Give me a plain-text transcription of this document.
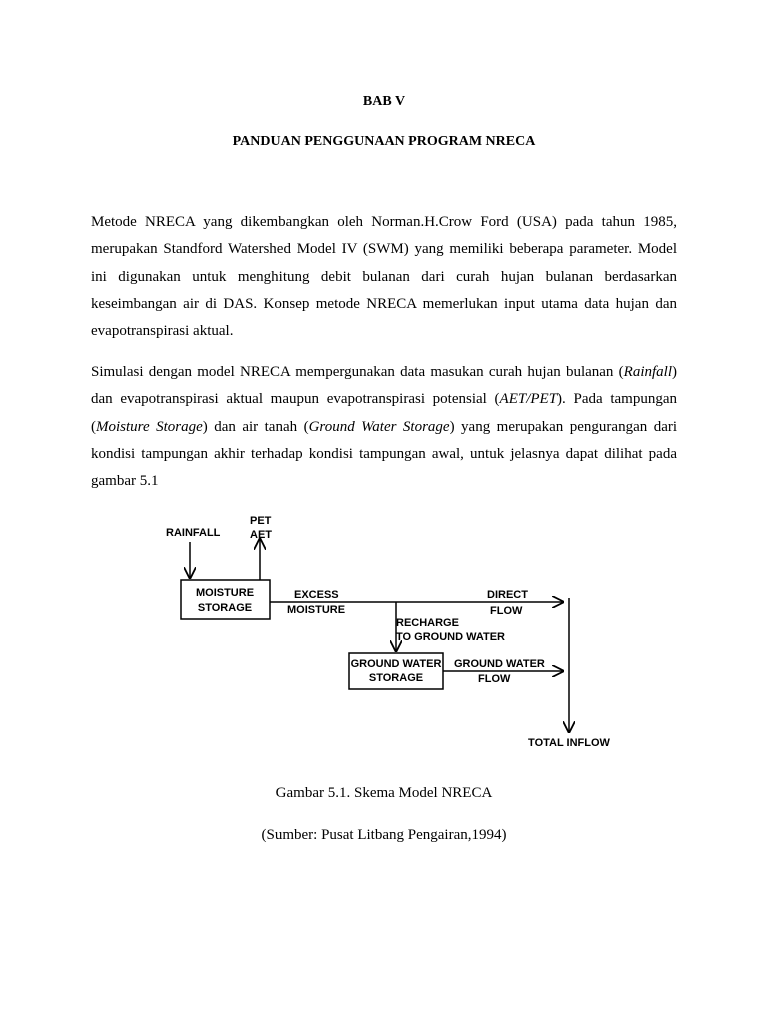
BAB V
PANDUAN PENGGUNAAN PROGRAM NRECA
Metode NRECA yang dikembangkan oleh Norman.H.Crow Ford (USA) pada tahun 1985,
merupakan Standford Watershed Model IV (SWM) yang memiliki beberapa parameter. Model
ini digunakan untuk menghitung debit bulanan dari curah hujan bulanan berdasarkan
keseimbangan air di DAS. Konsep metode NRECA memerlukan input utama data hujan dan
evapotranspirasi aktual.
Simulasi dengan model NRECA mempergunakan data masukan curah hujan bulanan (Rainfall)
dan evapotranspirasi aktual maupun evapotranspirasi potensial (AET/PET). Pada tampungan
(Moisture Storage) dan air tanah (Ground Water Storage) yang merupakan pengurangan dari
kondisi tampungan akhir terhadap kondisi tampungan awal, untuk jelasnya dapat dilihat pada
gambar 5.1
RAINFALL
PET
AET
MOISTURE
STORAGE
EXCESS
MOISTURE
DIRECT
FLOW
RECHARGE
TO GROUND WATER
GROUND WATER
STORAGE
GROUND WATER
FLOW
TOTAL INFLOW
Gambar 5.1. Skema Model NRECA
(Sumber: Pusat Litbang Pengairan,1994)
